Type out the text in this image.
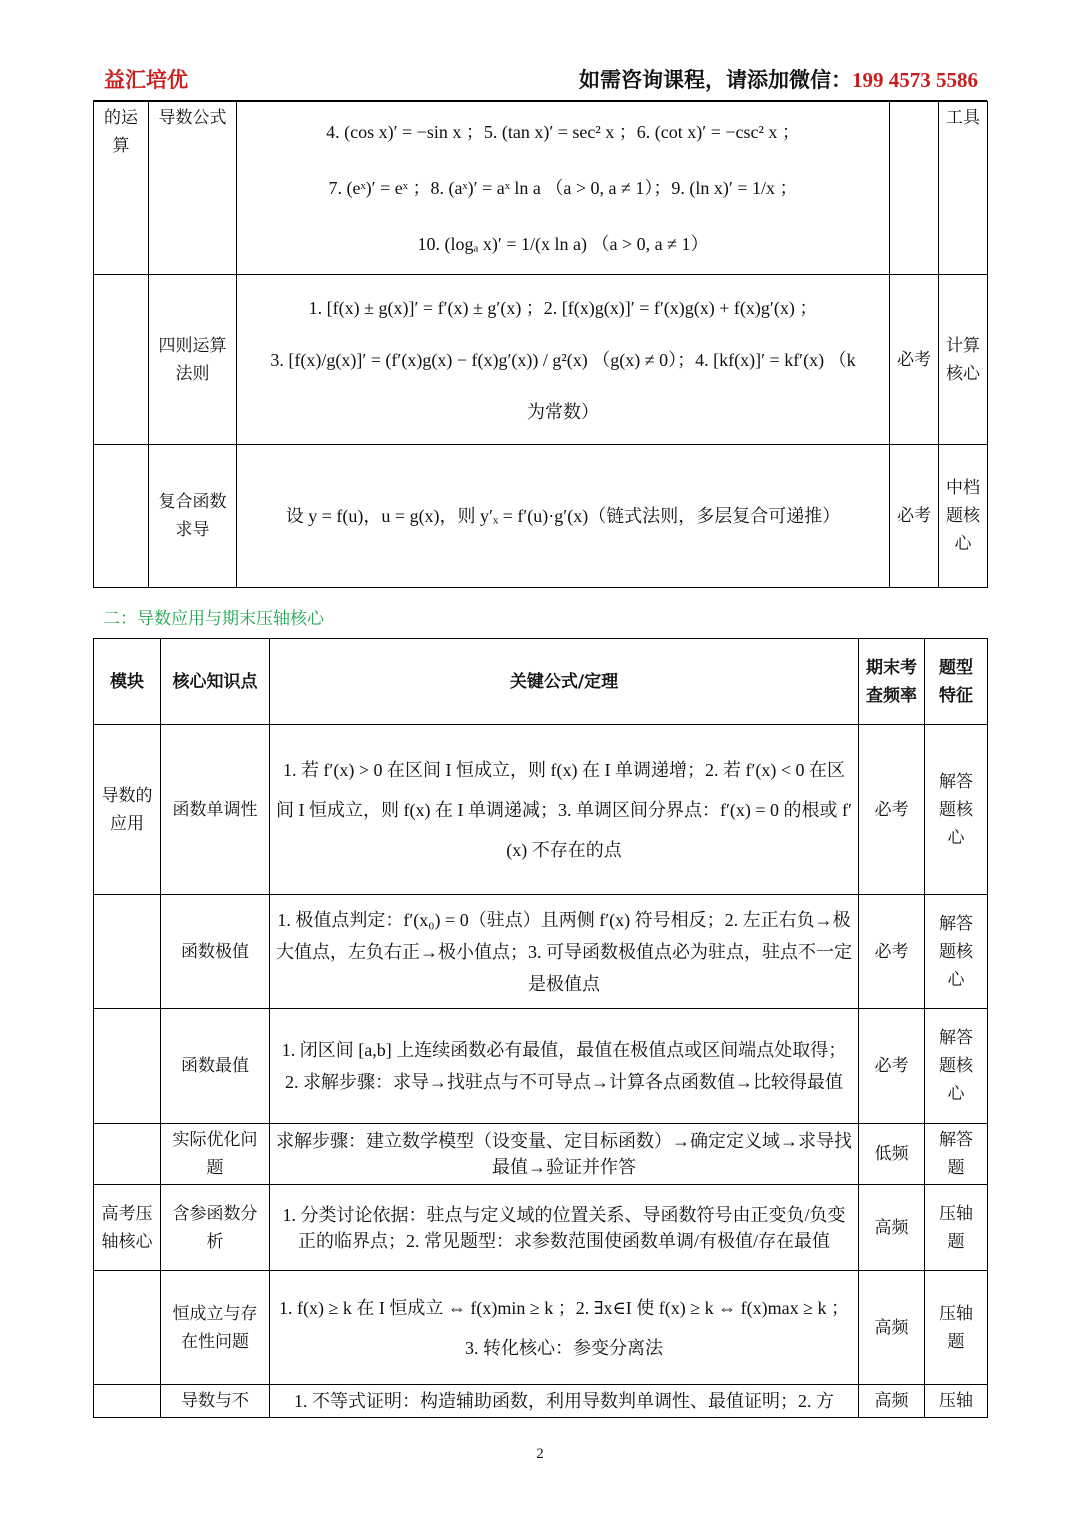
益汇培优	如需咨询课程，请添加微信：199 4573 5586
的运算	导数公式	4. (cos x)′ = −sin x ；5. (tan x)′ = sec² x ；6. (cot x)′ = −csc² x ；
7. (eˣ)′ = eˣ ；8. (aˣ)′ = aˣ ln a （a > 0, a ≠ 1）；9. (ln x)′ = 1/x ；
10. (logₐ x)′ = 1/(x ln a) （a > 0, a ≠ 1）		工具
	四则运算法则	1. [f(x) ± g(x)]′ = f′(x) ± g′(x) ；2. [f(x)g(x)]′ = f′(x)g(x) + f(x)g′(x) ；
3. [f(x)/g(x)]′ = (f′(x)g(x) − f(x)g′(x)) / g²(x) （g(x) ≠ 0）；4. [kf(x)]′ = kf′(x) （k
为常数）	必考	计算核心
	复合函数求导	设 y = f(u)，u = g(x)，则 y′ₓ = f′(u)·g′(x)（链式法则，多层复合可递推）	必考	中档题核心
二：导数应用与期末压轴核心
模块	核心知识点	关键公式/定理	期末考查频率	题型特征
导数的应用	函数单调性	1. 若 f′(x) > 0 在区间 I 恒成立，则 f(x) 在 I 单调递增；2. 若 f′(x) < 0 在区间 I 恒成立，则 f(x) 在 I 单调递减；3. 单调区间分界点：f′(x) = 0 的根或 f′(x) 不存在的点	必考	解答题核心
	函数极值	1. 极值点判定：f′(x₀) = 0（驻点）且两侧 f′(x) 符号相反；2. 左正右负→极大值点，左负右正→极小值点；3. 可导函数极值点必为驻点，驻点不一定是极值点	必考	解答题核心
	函数最值	1. 闭区间 [a,b] 上连续函数必有最值，最值在极值点或区间端点处取得；2. 求解步骤：求导→找驻点与不可导点→计算各点函数值→比较得最值	必考	解答题核心
	实际优化问题	求解步骤：建立数学模型（设变量、定目标函数）→确定定义域→求导找最值→验证并作答	低频	解答题
高考压轴核心	含参函数分析	1. 分类讨论依据：驻点与定义域的位置关系、导函数符号由正变负/负变正的临界点；2. 常见题型：求参数范围使函数单调/有极值/存在最值	高频	压轴题
	恒成立与存在性问题	1. f(x) ≥ k 在 I 恒成立 ⇔ f(x)min ≥ k ；2. ∃x∈I 使 f(x) ≥ k ⇔ f(x)max ≥ k ；3. 转化核心：参变分离法	高频	压轴题
	导数与不	1. 不等式证明：构造辅助函数，利用导数判单调性、最值证明；2. 方	高频	压轴
2
